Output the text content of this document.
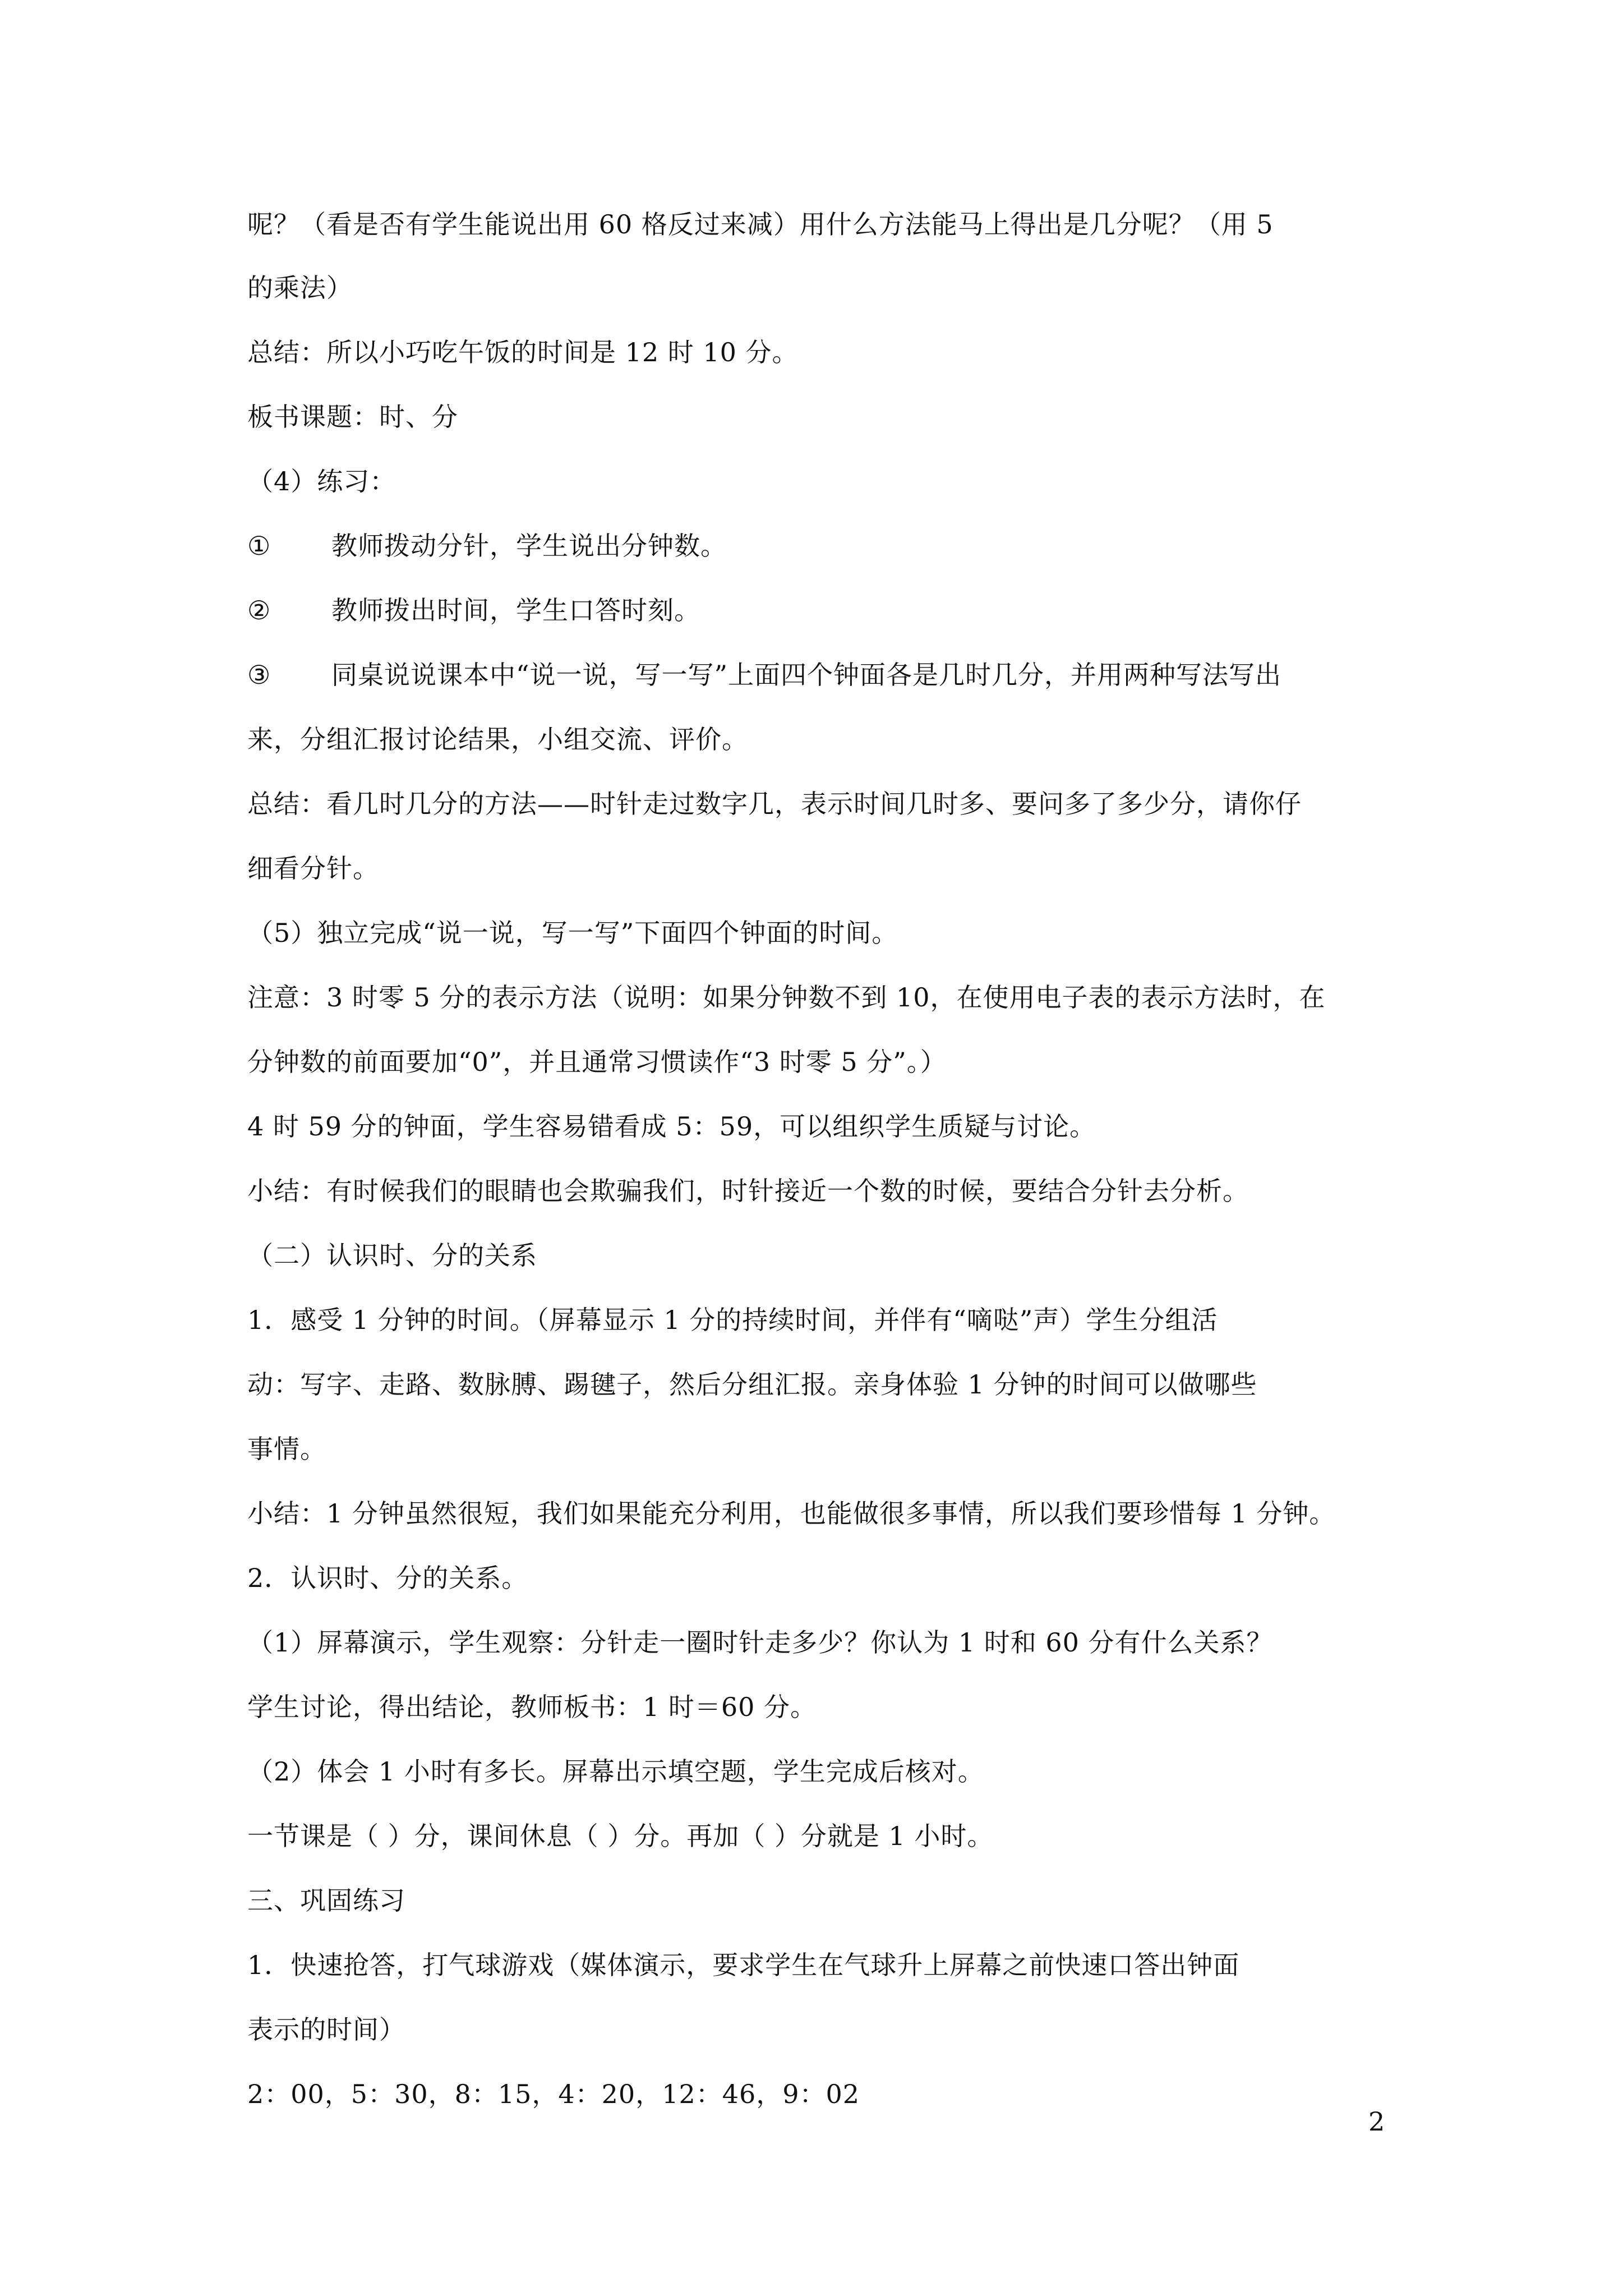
呢？（看是否有学生能说出用 60 格反过来减）用什么方法能马上得出是几分呢？（用 5
的乘法）
总结：所以小巧吃午饭的时间是 12 时 10 分。
板书课题：时、分
（4）练习：
① 教师拨动分针，学生说出分钟数。
② 教师拨出时间，学生口答时刻。
③ 同桌说说课本中“说一说，写一写”上面四个钟面各是几时几分，并用两种写法写出
来，分组汇报讨论结果，小组交流、评价。
总结：看几时几分的方法——时针走过数字几，表示时间几时多、要问多了多少分，请你仔
细看分针。
（5）独立完成“说一说，写一写”下面四个钟面的时间。
注意：3 时零 5 分的表示方法（说明：如果分钟数不到 10，在使用电子表的表示方法时，在
分钟数的前面要加“0”，并且通常习惯读作“3 时零 5 分”。）
4 时 59 分的钟面，学生容易错看成 5：59，可以组织学生质疑与讨论。
小结：有时候我们的眼睛也会欺骗我们，时针接近一个数的时候，要结合分针去分析。
（二）认识时、分的关系
1．感受 1 分钟的时间。（屏幕显示 1 分的持续时间，并伴有“嘀哒”声）学生分组活
动：写字、走路、数脉膊、踢毽子，然后分组汇报。亲身体验 1 分钟的时间可以做哪些
事情。
小结：1 分钟虽然很短，我们如果能充分利用，也能做很多事情，所以我们要珍惜每 1 分钟。
2．认识时、分的关系。
（1）屏幕演示，学生观察：分针走一圈时针走多少？你认为 1 时和 60 分有什么关系？
学生讨论，得出结论，教师板书：1 时＝60 分。
（2）体会 1 小时有多长。屏幕出示填空题，学生完成后核对。
一节课是（ ）分，课间休息（ ）分。再加（ ）分就是 1 小时。
三、巩固练习
1．快速抢答，打气球游戏（媒体演示，要求学生在气球升上屏幕之前快速口答出钟面
表示的时间）
2：00，5：30，8：15，4：20，12：46，9：02
2
